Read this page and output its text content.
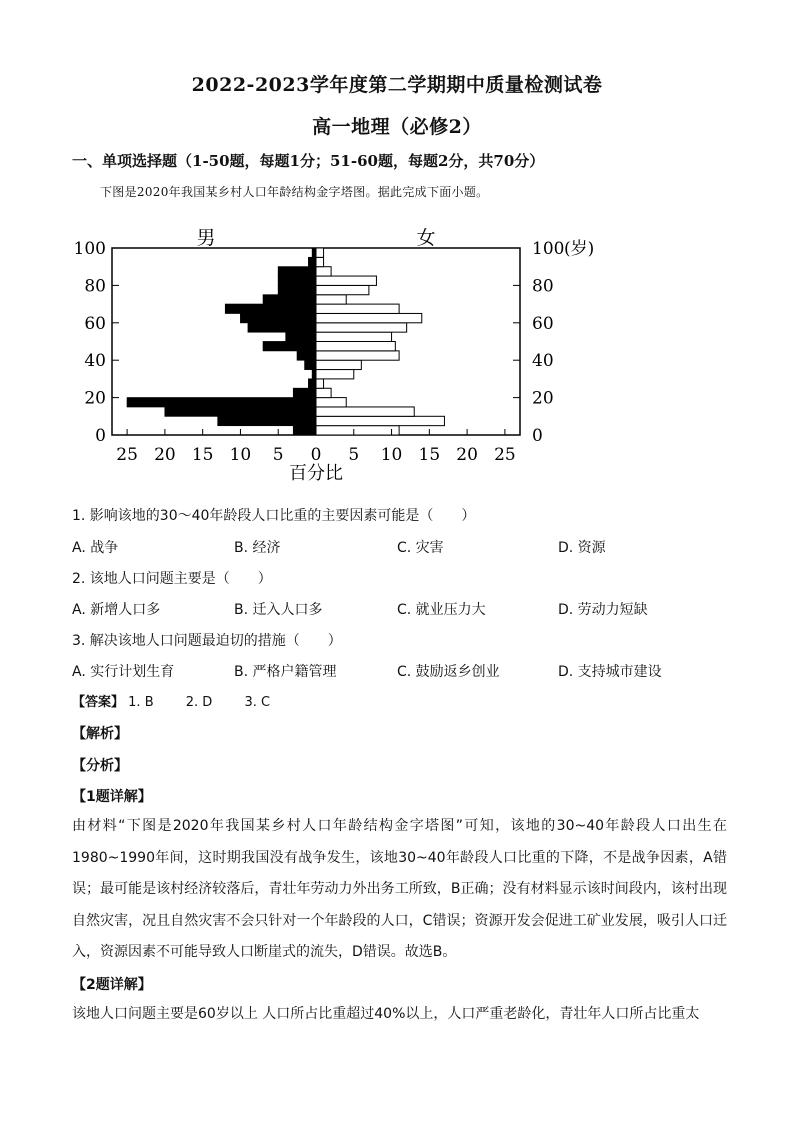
2022-2023学年度第二学期期中质量检测试卷
高一地理（必修2）
一、单项选择题（1-50题，每题1分；51-60题，每题2分，共70分）
下图是2020年我国某乡村人口年龄结构金字塔图。据此完成下面小题。
0	0
20	20
40	40
60	60
80	80
100	100 (岁)
25 20 15 10 5 0 5 10 15 20 25
男	女
百分比
1. 影响该地的30～40年龄段人口比重的主要因素可能是（　　）
A. 战争	B. 经济	C. 灾害	D. 资源
2. 该地人口问题主要是（　　）
A. 新增人口多	B. 迁入人口多	C. 就业压力大	D. 劳动力短缺
3. 解决该地人口问题最迫切的措施（　　）
A. 实行计划生育	B. 严格户籍管理	C. 鼓励返乡创业	D. 支持城市建设
【答案】 1. B 2. D 3. C
【解析】
【分析】
【1题详解】
由材料“下图是2020年我国某乡村人口年龄结构金字塔图”可知，该地的30~40年龄段人口出生在1980~1990年间，这时期我国没有战争发生，该地30~40年龄段人口比重的下降，不是战争因素，A错误；最可能是该村经济较落后，青壮年劳动力外出务工所致，B正确；没有材料显示该时间段内，该村出现自然灾害，况且自然灾害不会只针对一个年龄段的人口，C错误；资源开发会促进工矿业发展，吸引人口迁入，资源因素不可能导致人口断崖式的流失，D错误。故选B。
【2题详解】
该地人口问题主要是60岁以上 人口所占比重超过40%以上，人口严重老龄化，青壮年人口所占比重太
